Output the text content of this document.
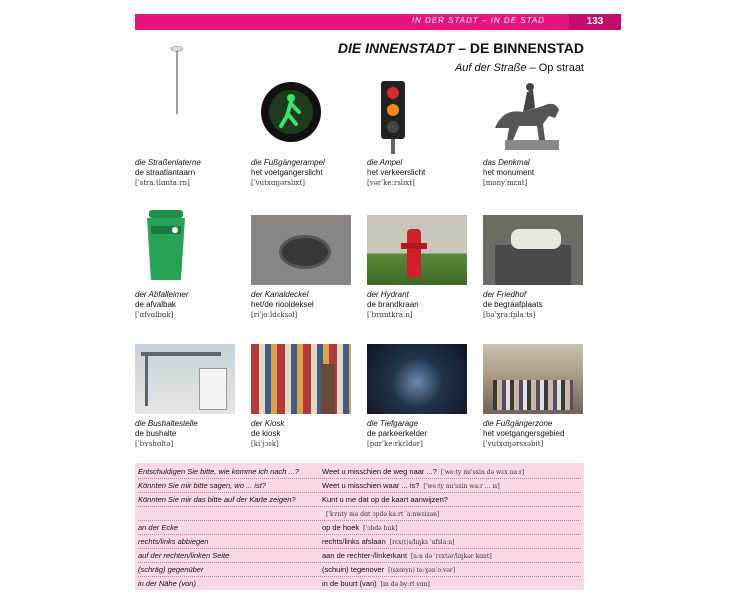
IN DER STADT – IN DE STAD	133
DIE INNENSTADT – DE BINNENSTAD
Auf der Straße – Op straat
die Straßenlaterne
de straatlantaarn
[ˈstraːtlɑntaːrn]
die Fußgängerampel
het voetgangerslicht
[ˈvutxɑŋərslɪxt]
die Ampel
het verkeerslicht
[vərˈkeːrslɪxt]
das Denkmal
het monument
[monyˈmɛnt]
der Abfalleimer
de afvalbak
[ˈɑfvɑlbɑk]
der Kanaldeckel
het/de riooldeksel
[riˈjoːldɛksəl]
der Hydrant
de brandkraan
[ˈbrɑntkraːn]
der Friedhof
de begraafplaats
[bəˈɣraːfplaːts]
die Bushaltestelle
de bushalte
[ˈbʏshɑltə]
der Kiosk
de kiosk
[kiˈjɔsk]
die Tiefgarage
de parkeerkelder
[pɑrˈkeːrkɛldər]
die Fußgängerzone
het voetgangersgebied
[ˈvutxɑŋərsxəbit]
Entschuldigen Sie bitte, wie komme ich nach ...?	Weet u misschien de weg naar ...? [ˈweːty mɪˈsxin də wɛx naːr]
Könnten Sie mir bitte sagen, wo ... ist?	Weet u misschien waar ... is? [ˈweːty mɪˈsxin waːr ... ɪs]
Könnten Sie mir das bitte auf der Karte zeigen?	Kunt u me dat op de kaart aanwijzen?
[ˈkʏnty mə dɑt ɔpdə kaːrt ˈaːnwɛizən]
an der Ecke	op de hoek [ˈɔbdə huk]
rechts/links abbiegen	rechts/links afslaan [rɛx(t)s/lɪŋks ˈɑfslaːn]
auf der rechten/linken Seite	aan de rechter-/linkerkant [aːn də ˈrɛxtər/lɪŋkər kɑnt]
(schräg) gegenüber	(schuin) tegenover [(sxœyn) teːɣənˈoːvər]
in der Nähe (von)	in de buurt (van) [ɪn də byːrt vɑn]
